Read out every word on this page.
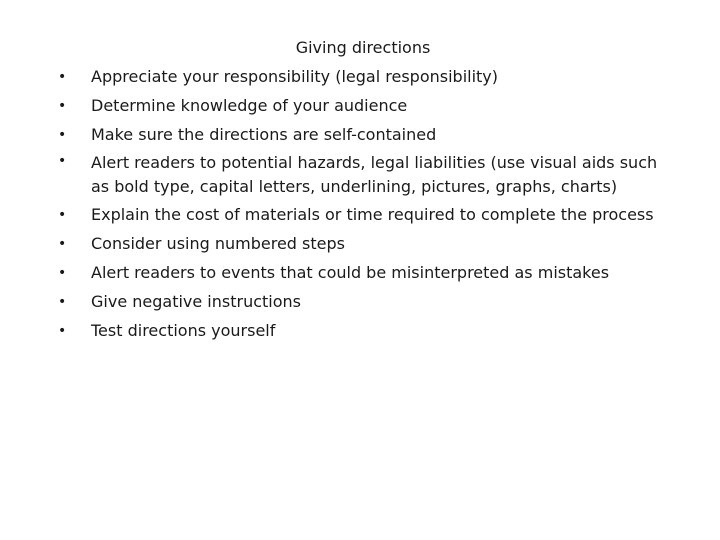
Giving directions
• Appreciate your responsibility (legal responsibility)
• Determine knowledge of your audience
• Make sure the directions are self-contained
• Alert readers to potential hazards, legal liabilities (use visual aids such as bold type, capital letters, underlining, pictures, graphs, charts)
• Explain the cost of materials or time required to complete the process
• Consider using numbered steps
• Alert readers to events that could be misinterpreted as mistakes
• Give negative instructions
• Test directions yourself
